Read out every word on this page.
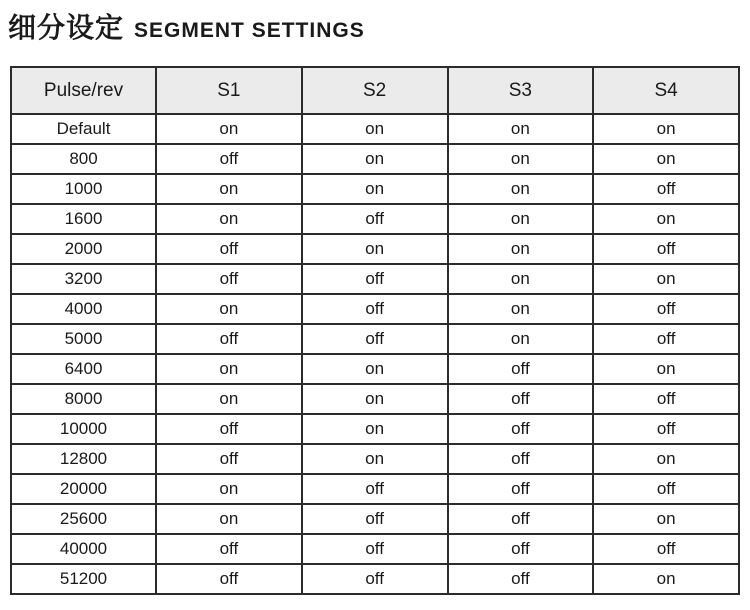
细分设定 SEGMENT SETTINGS
Pulse/rev	S1	S2	S3	S4
Default	on	on	on	on
800	off	on	on	on
1000	on	on	on	off
1600	on	off	on	on
2000	off	on	on	off
3200	off	off	on	on
4000	on	off	on	off
5000	off	off	on	off
6400	on	on	off	on
8000	on	on	off	off
10000	off	on	off	off
12800	off	on	off	on
20000	on	off	off	off
25600	on	off	off	on
40000	off	off	off	off
51200	off	off	off	on
